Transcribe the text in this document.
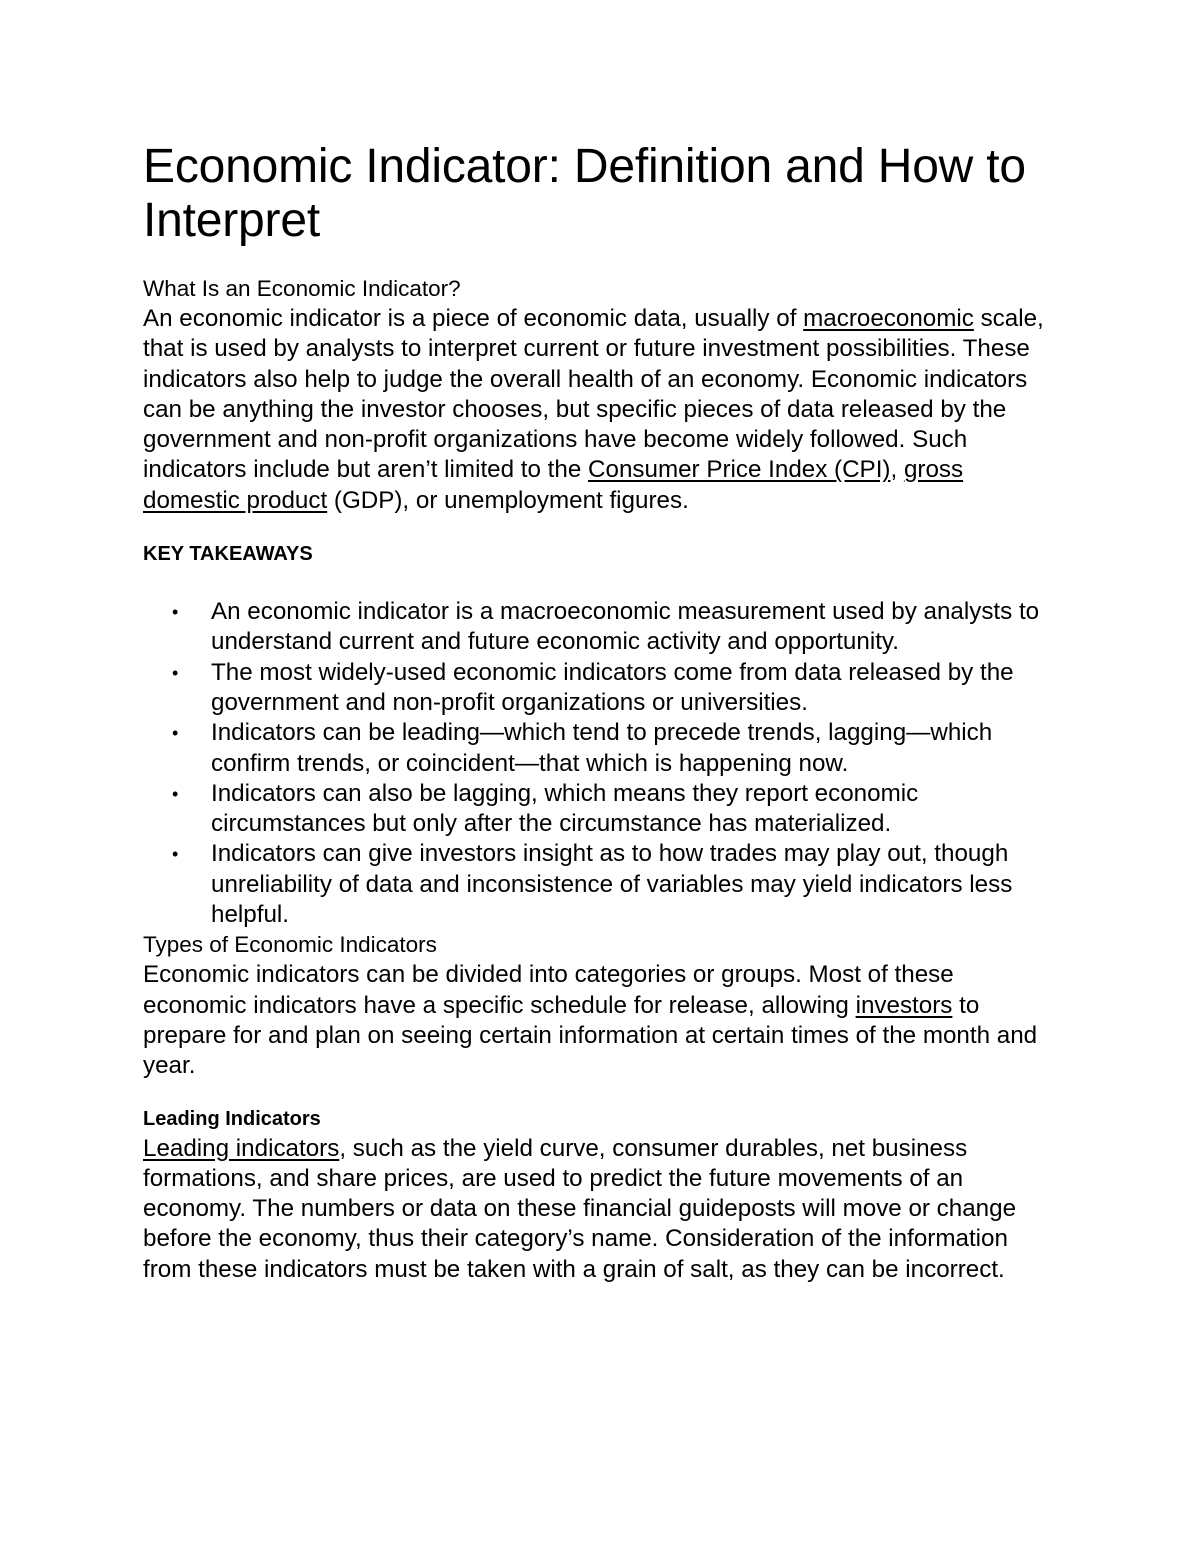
Economic Indicator: Definition and How to Interpret
What Is an Economic Indicator?

An economic indicator is a piece of economic data, usually of macroeconomic scale, that is used by analysts to interpret current or future investment possibilities. These indicators also help to judge the overall health of an economy. Economic indicators can be anything the investor chooses, but specific pieces of data released by the government and non-profit organizations have become widely followed. Such indicators include but aren’t limited to the Consumer Price Index (CPI), gross domestic product (GDP), or unemployment figures.

KEY TAKEAWAYS
• An economic indicator is a macroeconomic measurement used by analysts to understand current and future economic activity and opportunity.
• The most widely-used economic indicators come from data released by the government and non-profit organizations or universities.
• Indicators can be leading—which tend to precede trends, lagging—which confirm trends, or coincident—that which is happening now.
• Indicators can also be lagging, which means they report economic circumstances but only after the circumstance has materialized.
• Indicators can give investors insight as to how trades may play out, though unreliability of data and inconsistence of variables may yield indicators less helpful.
Types of Economic Indicators

Economic indicators can be divided into categories or groups. Most of these economic indicators have a specific schedule for release, allowing investors to prepare for and plan on seeing certain information at certain times of the month and year.

Leading Indicators

Leading indicators, such as the yield curve, consumer durables, net business formations, and share prices, are used to predict the future movements of an economy. The numbers or data on these financial guideposts will move or change before the economy, thus their category’s name. Consideration of the information from these indicators must be taken with a grain of salt, as they can be incorrect.
